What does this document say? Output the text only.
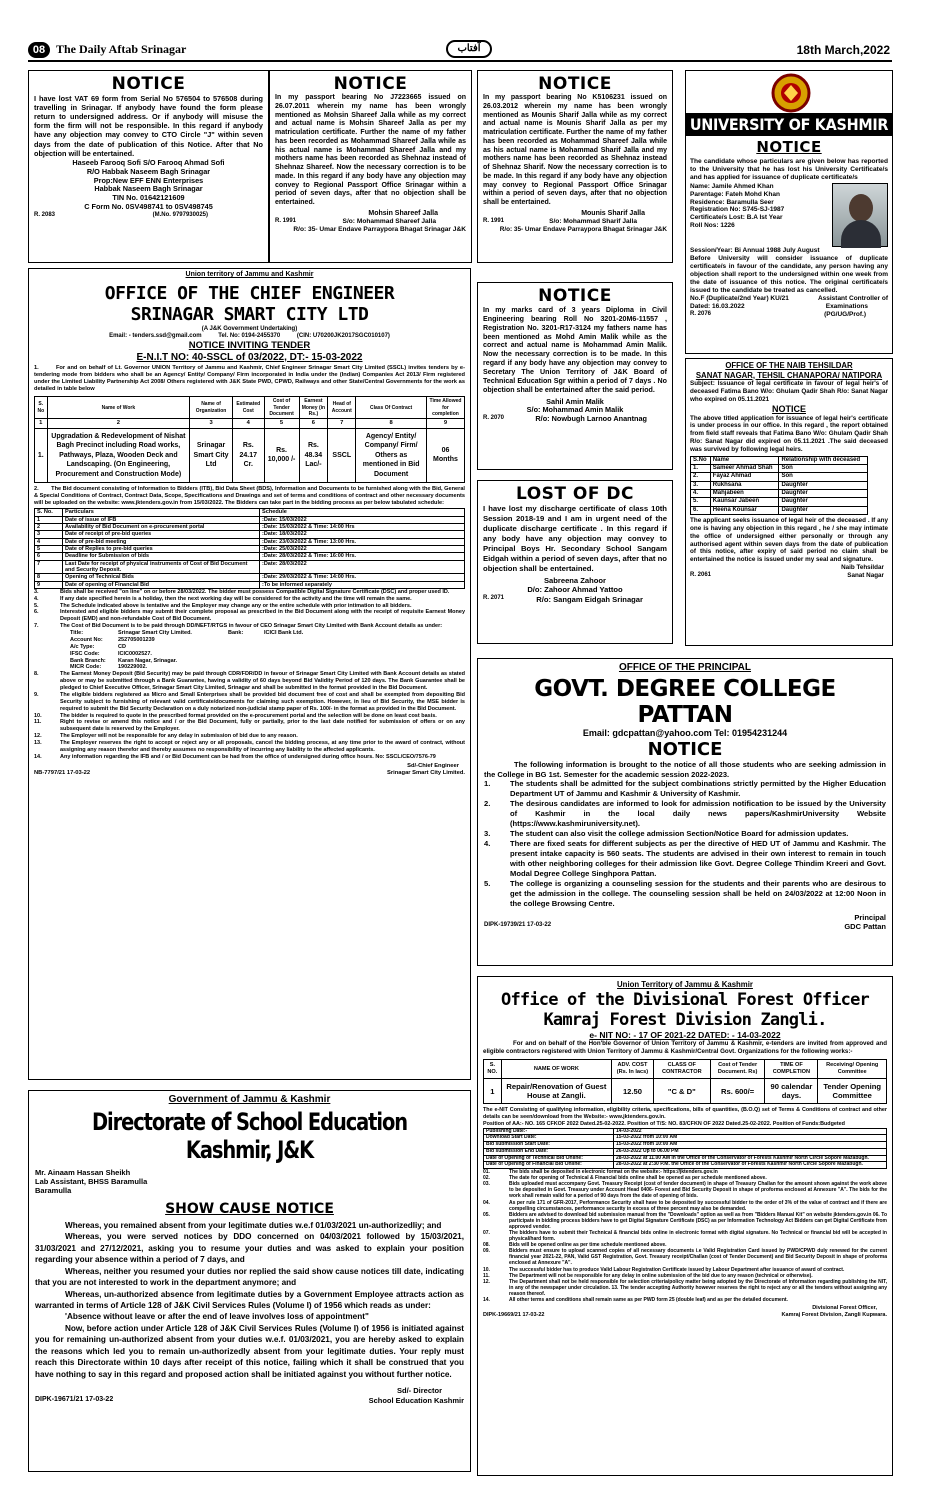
08 The Daily Aftab Srinagar	آفتاب	18th March,2022
NOTICE
I have lost VAT 69 form from Serial No 576504 to 576508 during travelling in Srinagar. If anybody have found the form please return to undersigned address. Or if anybody will misuse the form the firm will not be responsible. In this regard if anybody have any objection may convey to CTO Circle "J" within seven days from the date of publication of this Notice. After that No objection will be entertained.
Haseeb Farooq Sofi S/O Farooq Ahmad Sofi
R/O Habbak Naseem Bagh Srinagar
Prop:New EFF ENN Enterprises
Habbak Naseem Bagh Srinagar
TIN No. 01642121609
C Form No. 0SV498741 to 0SV498745
R. 2083	(M.No. 9797930025)
NOTICE
In my passport bearing No J7223665 issued on 26.07.2011 wherein my name has been wrongly mentioned as Mohsin Shareef Jalla while as my correct and actual name is Mohsin Shareef Jalla as per my matriculation certificate. Further the name of my father has been recorded as Mohammad Shareef Jalla while as his actual name is Mohammad Shareef Jalla and my mothers name has been recorded as Shehnaz instead of Shehnaz Shareef. Now the necessary correction is to be made. In this regard if any body have any objection may convey to Regional Passport Office Srinagar within a period of seven days, after that no objection shall be entertained.
Mohsin Shareef Jalla
R. 1991	S/o: Mohammad Shareef Jalla
R/o: 35- Umar Endave Parraypora Bhagat Srinagar J&K
NOTICE
In my passport bearing No K5106231 issued on 26.03.2012 wherein my name has been wrongly mentioned as Mounis Sharif Jalla while as my correct and actual name is Mounis Sharif Jalla as per my matriculation certificate. Further the name of my father has been recorded as Mohammad Shareef Jalla while as his actual name is Mohammad Sharif Jalla and my mothers name has been recorded as Shehnaz instead of Shehnaz Sharif. Now the necessary correction is to be made. In this regard if any body have any objection may convey to Regional Passport Office Srinagar within a period of seven days, after that no objection shall be entertained.
Mounis Sharif Jalla
R. 1991	S/o: Mohammad Sharif Jalla
R/o: 35- Umar Endave Parraypora Bhagat Srinagar J&K
UNIVERSITY OF KASHMIR
NOTICE
The candidate whose particulars are given below has reported to the University that he has lost his University Certificate/s and has applied for issuance of duplicate certificate/s
Name: Jamile Ahmed Khan
Parentage: Fateh Mohd Khan
Residence: Baramulla Seer
Registration No: S745-SJ-1987
Certificate/s Lost: B.A Ist Year
Roll Nos: 1226
Session/Year: Bi Annual 1988 July August
Before University will consider issuance of duplicate certificate/s in favour of the candidate, any person having any objection shall report to the undersigned within one week from the date of issuance of this notice. The original certificate/s issued to the candidate be treated as cancelled.
No.F (Duplicate/2nd Year) KU/21	Assistant Controller of
Dated: 16.03.2022	Examinations
R. 2076	(PG/UG/Prof.)
Union territory of Jammu and Kashmir
OFFICE OF THE CHIEF ENGINEER
SRINAGAR SMART CITY LTD
(A J&K Government Undertaking)
Email: - tenders.ssd@gmail.com          Tel. No: 0194-2455370          (CIN: U70200JK2017SGC010107)
NOTICE INVITING TENDER
E-N.I.T NO: 40-SSCL of 03/2022, DT:- 15-03-2022
1.        For and on behalf of Lt. Governor UNION Territory of Jammu and Kashmir, Chief Engineer Srinagar Smart City Limited (SSCL) invites tenders by e-tendering mode from bidders who shall be an Agency/ Entity/ Company/ Firm incorporated in India under the (Indian) Companies Act 2013/ Firm registered under the Limited Liability Partnership Act 2008/ Others registered with J&K State PWD, CPWD, Railways and other State/Central Governments for the work as detailed in table below
S. No	Name of Work	Name of Organization	Estimated Cost	Cost of Tender Document	Earnest Money (in Rs.)	Head of Account	Class Of Contract	Time Allowed for completion
1	2	3	4	5	6	7	8	9
1.	Upgradation & Redevelopment of Nishat Bagh Precinct including Road works, Pathways, Plaza, Wooden Deck and Landscaping. (On Engineering, Procurement and Construction Mode)	Srinagar Smart City Ltd	Rs. 24.17 Cr.	Rs. 10,000 /-	Rs. 48.34 Lac/-	SSCL	Agency/ Entity/ Company/ Firm/ Others as mentioned in Bid Document	06 Months
2.        The Bid document consisting of Information to Bidders (ITB), Bid Data Sheet (BDS), Information and Documents to be furnished along with the Bid, General & Special Conditions of Contract, Contract Data, Scope, Specifications and Drawings and set of terms and conditions of contract and other necessary documents will be uploaded on the website: www.jktenders.gov.in from 15/03/2022. The Bidders can take part in the bidding process as per below tabulated schedule:
S. No.	Particulars	Schedule
1	Date of issue of IFB	:Date: 15/03/2022
2	Availability of Bid Document on e-procurement portal	:Date: 15/03/2022 & Time: 14:00 Hrs
3	Date of receipt of pre-bid queries	:Date: 18/03/2022
4	Date of pre-bid meeting	:Date: 23/03/2022 & Time: 13:00 Hrs.
5	Date of Replies to pre-bid queries	:Date: 25/03/2022
6	Deadline for Submission of bids	:Date: 28/03/2022 & Time: 16:00 Hrs.
7	Last Date for receipt of physical instruments of Cost of Bid Document and Security Deposit.	:Date: 28/03/2022
8	Opening of Technical Bids	:Date: 29/03/2022 & Time: 14:00 Hrs.
9	Date of opening of Financial Bid	:To be informed separately
3.	Bids shall be received "on line" on or before 28/03/2022. The bidder must possess Compatible Digital Signature Certificate (DSC) and proper used ID.
4.	If any date specified herein is a holiday, then the next working day will be considered for the activity and the time will remain the same.
5.	The Schedule indicated above is tentative and the Employer may change any or the entire schedule with prior intimation to all bidders.
6.	Interested and eligible bidders may submit their complete proposal as prescribed in the Bid Document along with the receipt of requisite Earnest Money Deposit (EMD) and non-refundable Cost of Bid Document.
7.	The Cost of Bid Document is to be paid through DD/NEFT/RTGS in favour of CEO Srinagar Smart City Limited with Bank Account details as under:
Title:	Srinagar Smart City Limited.	Bank:	ICICI Bank Ltd.
Account No:	252705001239
A/c Type:	CD
IFSC Code:	ICIC0002527.
Bank Branch:	Karan Nagar, Srinagar.
MICR Code:	190229002.
8.	The Earnest Money Deposit (Bid Security) may be paid through CDR/FDR/DD in favour of Srinagar Smart City Limited with Bank Account details as stated above or may be submitted through a Bank Guarantee, having a validity of 60 days beyond Bid Validity Period of 120 days. The Bank Guarantee shall be pledged to Chief Executive Officer, Srinagar Smart City Limited, Srinagar and shall be submitted in the format provided in the Bid Document.
9.	The eligible bidders registered as Micro and Small Enterprises shall be provided bid document free of cost and shall be exempted from depositing Bid Security subject to furnishing of relevant valid certificate/documents for claiming such exemption. However, in lieu of Bid Security, the MSE bidder is required to submit the Bid Security Declaration on a duly notarized non-judicial stamp paper of Rs. 100/- in the format as provided in the Bid Document.
10.	The bidder is required to quote in the prescribed format provided on the e-procurement portal and the selection will be done on least cost basis.
11.	Right to revise or amend this notice and / or the Bid Document, fully or partially, prior to the last date notified for submission of offers or on any subsequent date is reserved by the Employer.
12.	The Employer will not be responsible for any delay in submission of bid due to any reason.
13.	The Employer reserves the right to accept or reject any or all proposals, cancel the bidding process, at any time prior to the award of contract, without assigning any reason therefor and thereby assumes no responsibility of incurring any liability to the affected applicants.
14.	Any information regarding the IFB and / or Bid Document can be had from the office of undersigned during office hours. No: SSCL/CEO/7576-79
Sd/-Chief Engineer
NB-7797/21 17-03-22	Srinagar Smart City Limited.
NOTICE
In my marks card of 3 years Diploma in Civil Engineering bearing Roll No 3201-20M6-11557 , Registration No. 3201-R17-3124 my fathers name has been mentioned as Mohd Amin Malik while as the correct and actual name is Mohammad Amin Malik. Now the necessary correction is to be made. In this regard if any body have any objection may convey to Secretary The Union Territory of J&K Board of Technical Education Sgr within a period of 7 days . No objection shall be entertained after the said period.
Sahil Amin Malik
S/o: Mohammad Amin Malik
R. 2070	R/o: Nowbugh Larnoo Anantnag
LOST OF DC
I have lost my discharge certificate of class 10th Session 2018-19 and I am in urgent need of the duplicate discharge certificate . In this regard if any body have any objection may convey to Principal Boys Hr. Secondary School Sangam Eidgah within a period of seven days, after that no objection shall be entertained.
Sabreena Zahoor
D/o: Zahoor Ahmad Yattoo
R. 2071	R/o: Sangam Eidgah Srinagar
OFFICE OF THE NAIB TEHSILDAR
SANAT NAGAR, TEHSIL CHANAPORA/ NATIPORA
Subject: Issuance of legal certificate in favour of legal heir's of deceased Fatima Bano W/o: Ghulam Qadir Shah R/o: Sanat Nagar who expired on 05.11.2021
NOTICE
The above titled application for issuance of legal heir's certificate is under process in our office. In this regard , the report obtained from field staff reveals that Fatima Bano W/o: Ghulam Qadir Shah R/o: Sanat Nagar did expired on 05.11.2021 .The said deceased was survived by following legal heirs.
S.No	Name	Relationship with deceased
1.	Sameer Ahmad Shah	Son
2.	Fayaz Ahmad	Son
3.	Rukhsana	Daughter
4.	Mahjabeen	Daughter
5.	Kaunsar Jabeen	Daughter
6.	Heena Kounsar	Daughter
The applicant seeks issuance of legal heir of the deceased . If any one is having any objection in this regard , he / she may intimate the office of undersigned either personally or through any authorised agent within seven days from the date of publication of this notice, after expiry of said period no claim shall be entertained the notice is issued under my seal and signature.
Naib Tehsildar
R. 2061	Sanat Nagar
OFFICE OF THE PRINCIPAL
GOVT. DEGREE COLLEGE PATTAN
Email: gdcpattan@yahoo.com Tel: 01954231244
NOTICE
The following information is brought to the notice of all those students who are seeking admission in the College in BG 1st. Semester for the academic session 2022-2023.
1.	The students shall be admitted for the subject combinations strictly permitted by the Higher Education Department UT of Jammu and Kashmir & University of Kashmir.
2.	The desirous candidates are informed to look for admission notification to be issued by the University of Kashmir in the local daily news papers/KashmirUniversity Website (https://www.kashmiruniversity.net).
3.	The student can also visit the college admission Section/Notice Board for admission updates.
4.	There are fixed seats for different subjects as per the directive of HED UT of Jammu and Kashmir. The present intake capacity is 560 seats. The students are advised in their own interest to remain in touch with other neighboring colleges for their admission like Govt. Degree College Thindim Kreeri and Govt. Modal Degree College Singhpora Pattan.
5.	The college is organizing a counseling session for the students and their parents who are desirous to get the admission in the college. The counseling session shall be held on 24/03/2022 at 12:00 Noon in the college Browsing Centre.
Principal
DIPK-19739/21 17-03-22	GDC Pattan
Government of Jammu & Kashmir
Directorate of School Education Kashmir, J&K
Mr. Ainaam Hassan Sheikh
Lab Assistant, BHSS Baramulla
Baramulla
SHOW CAUSE NOTICE
Whereas, you remained absent from your legitimate duties w.e.f 01/03/2021 un-authorizedliy; and
Whereas, you were served notices by DDO concerned on 04/03/2021 followed by 15/03/2021, 31/03/2021 and 27/12/2021, asking you to resume your duties and was asked to explain your position regarding your absence within a period of 7 days, and
Whereas, neither you resumed your duties nor replied the said show cause notices till date, indicating that you are not interested to work in the department anymore; and
Whereas, un-authorized absence from legitimate duties by a Government Employee attracts action as warranted in terms of Article 128 of J&K Civil Services Rules (Volume I) of 1956 which reads as under:
'Absence without leave or after the end of leave involves loss of appointment"
Now, before action under Article 128 of J&K Civil Services Rules (Volume I) of 1956 is initiated against you for remaining un-authorized absent from your duties w.e.f. 01/03/2021, you are hereby asked to explain the reasons which led you to remain un-authorizedly absent from your legitimate duties. Your reply must reach this Directorate within 10 days after receipt of this notice, failing which it shall be construed that you have nothing to say in this regard and proposed action shall be initiated against you without further notice.
Sd/- Director
DIPK-19671/21 17-03-22	School Education Kashmir
Union Territory of Jammu & Kashmir
Office of the Divisional Forest Officer
Kamraj Forest Division Zangli.
e- NIT NO: - 17 OF 2021-22 DATED: - 14-03-2022
For and on behalf of the Hon'ble Governor of Union Territory of Jammu & Kashmir, e-tenders are invited from approved and eligible contractors registered with Union Territory of Jammu & Kashmir/Central Govt. Organizations for the following works:-
S. NO.	NAME OF WORK	ADV. COST (Rs. In lacs)	CLASS OF CONTRACTOR	Cost of Tender Document. Rs)	TIME OF COMPLETION	Receiving/ Opening Committee
1	Repair/Renovation of Guest House at Zangli.	12.50	"C & D"	Rs. 600/=	90 calendar days.	Tender Opening Committee
The e-NIT Consisting of qualifying information, eligibility criteria, specifications, bills of quantities, (B.O.Q) set of Terms & Conditions of contract and other details can be seen/download from the Website:- www.jktenders.gov.in.
Position of AA:- NO. 165 CFKOF 2022 Dated.25-02-2022. Position of T/S: NO. 83/CFKN OF 2022 Dated.25-02-2022. Position of Funds:Budgeted
Publishing Date:-	14-03-2022
Download Start Date:	15-03-2022 from 10:00 AM
Bid submission Start Date:	15-03-2022 from 10:00 AM
Bid submission End Date:	26-03-2022 Up to 06.00 PM
Date of Opening of Technical Bid Online:	28-03-2022 at 11.00 AM in the Office of the Conservator of Forests Kashmir North Circle Sopore Mazabugh.
Date of Opening of Financial Bid Online:	28-03-2022 at 2:30 P.M. the Office of the Conservator of Forests Kashmir North Circle Sopore Mazabugh.
01.	The bids shall be deposited in electronic format on the website:- https://jktenders.gov.in
02.	The date for opening of Technical & Financial bids online shall be opened as per schedule mentioned above.
03.	Bids uploaded must accompany Govt. Treasury Receipt (cost of tender document) in shape of Treasury Challan for the amount shown against the work above to be deposited in Govt. Treasury under Account Head 0406- Forest and Bid Security Deposit in shape of proforma enclosed at Annexure "A". The bids for the work shall remain valid for a period of 90 days from the date of opening of bids.
04.	As per rule 171 of GFR-2017, Performance Security shall have to be deposited by successful bidder to the order of 3% of the value of contract and if there are compelling circumstances, performance security in excess of three percent may also be demanded.
05.	Bidders are advised to download bid submission manual from the "Downloads" option as well as from "Bidders Manual Kit" on website jktenders.gov.in 06. To participate in bidding process bidders have to get Digital Signature Certificate (DSC) as per Information Technology Act Bidders can get Digital Certificate from approved vendor.
07.	The bidders have to submit their Technical & financial bids online in electronic format with digital signature. No Technical or financial bid will be accepted in physical/hard form.
08.	Bids will be opened online as per time schedule mentioned above.
09.	Bidders must ensure to upload scanned copies of all necessary documents i.e Valid Registration Card issued by PWD/CPWD duly renewed for the current financial year 2021-22, PAN, Valid GST Registration, Govt. Treasury receipt/Challan (cost of Tender Document) and Bid Security Deposit in shape of proforma enclosed at Annexure "A".
10.	The successful bidder has to produce Valid Labour Registration Certificate issued by Labour Department after issuance of award of contract.
11.	The Department will not be responsible for any delay in online submission of the bid due to any reason (technical or otherwise).
12.	The Department shall not be held responsible for selection criteria/policy matter being adopted by the Directorate of Information regarding publishing the NIT, in any of the newspaper under circulation. 13. The tender accepting Authority however reserves the right to reject any or all the tenders without assigning any reason thereof.
14.	All other terms and conditions shall remain same as per PWD form 25 (double leaf) and as per the detailed document.
Divisional Forest Officer,
DIPK-19669/21 17-03-22	Kamraj Forest Division, Zangli Kupwara.
